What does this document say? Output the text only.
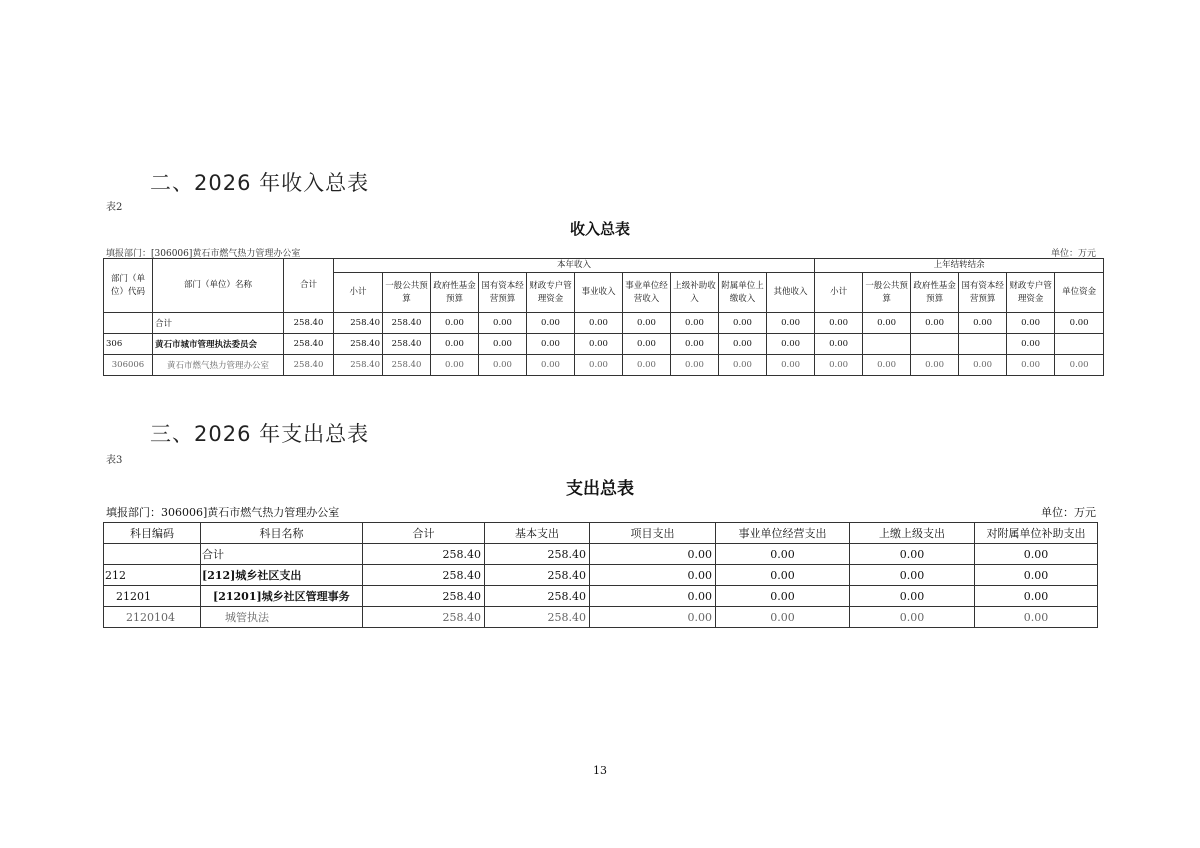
二、2026 年收入总表
表2
收入总表
填报部门：[306006]黄石市燃气热力管理办公室	单位：万元
部门（单位）代码	部门（单位）名称	合计	本年收入										上年结转结余					
			小计	一般公共预算	政府性基金预算	国有资本经营预算	财政专户管理资金	事业收入	事业单位经营收入	上级补助收入	附属单位上缴收入	其他收入	小计	一般公共预算	政府性基金预算	国有资本经营预算	财政专户管理资金	单位资金
	合计	258.40	258.40	258.40	0.00	0.00	0.00	0.00	0.00	0.00	0.00	0.00	0.00	0.00	0.00	0.00	0.00	0.00
306	黄石市城市管理执法委员会	258.40	258.40	258.40	0.00	0.00	0.00	0.00	0.00	0.00	0.00	0.00	0.00				0.00	
306006	黄石市燃气热力管理办公室	258.40	258.40	258.40	0.00	0.00	0.00	0.00	0.00	0.00	0.00	0.00	0.00	0.00	0.00	0.00	0.00	0.00
三、2026 年支出总表
表3
支出总表
填报部门：306006]黄石市燃气热力管理办公室	单位：万元
科目编码	科目名称	合计	基本支出	项目支出	事业单位经营支出	上缴上级支出	对附属单位补助支出
	合计	258.40	258.40	0.00	0.00	0.00	0.00
212	[212]城乡社区支出	258.40	258.40	0.00	0.00	0.00	0.00
21201	[21201]城乡社区管理事务	258.40	258.40	0.00	0.00	0.00	0.00
2120104	城管执法	258.40	258.40	0.00	0.00	0.00	0.00
13
